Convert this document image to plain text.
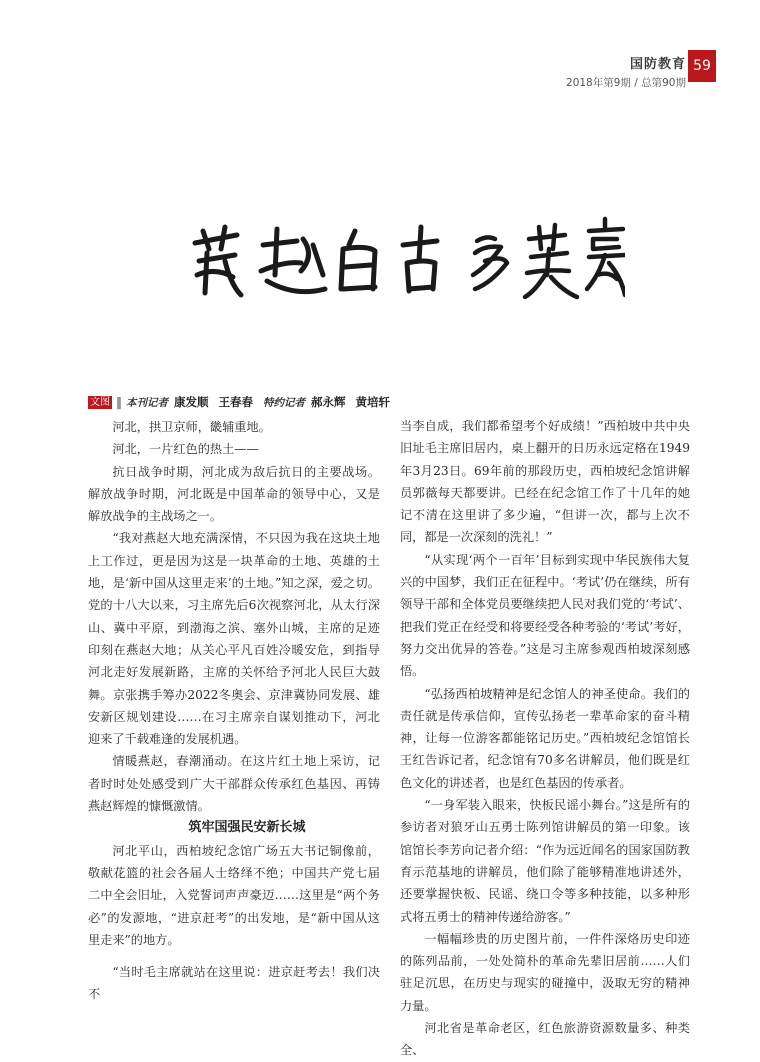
国防教育
2018年第9期 / 总第90期
59
文图 ‖ 本刊记者 康发顺 王春春 特约记者 郝永辉 黄培轩

河北，拱卫京师，畿辅重地。

河北，一片红色的热土——

抗日战争时期，河北成为敌后抗日的主要战场。解放战争时期，河北既是中国革命的领导中心，又是解放战争的主战场之一。

“我对燕赵大地充满深情，不只因为我在这块土地上工作过，更是因为这是一块革命的土地、英雄的土地，是‘新中国从这里走来’的土地。”知之深，爱之切。党的十八大以来，习主席先后6次视察河北，从太行深山、冀中平原，到渤海之滨、塞外山城，主席的足迹印刻在燕赵大地；从关心平凡百姓冷暖安危，到指导河北走好发展新路，主席的关怀给予河北人民巨大鼓舞。京张携手筹办2022冬奥会、京津冀协同发展、雄安新区规划建设……在习主席亲自谋划推动下，河北迎来了千载难逢的发展机遇。

情暖燕赵，春潮涌动。在这片红土地上采访，记者时时处处感受到广大干部群众传承红色基因、再铸燕赵辉煌的慷慨激情。

筑牢国强民安新长城

河北平山，西柏坡纪念馆广场五大书记铜像前，敬献花篮的社会各届人士络绎不绝；中国共产党七届二中全会旧址，入党誓词声声豪迈……这里是“两个务必”的发源地，“进京赶考”的出发地，是“新中国从这里走来”的地方。

“当时毛主席就站在这里说：进京赶考去！我们决不

当李自成，我们都希望考个好成绩！”西柏坡中共中央旧址毛主席旧居内，桌上翻开的日历永远定格在1949年3月23日。69年前的那段历史，西柏坡纪念馆讲解员郭薇每天都要讲。已经在纪念馆工作了十几年的她记不清在这里讲了多少遍，“但讲一次，都与上次不同，都是一次深刻的洗礼！”

“从实现‘两个一百年’目标到实现中华民族伟大复兴的中国梦，我们正在征程中。‘考试’仍在继续，所有领导干部和全体党员要继续把人民对我们党的‘考试’、把我们党正在经受和将要经受各种考验的‘考试’考好，努力交出优异的答卷。”这是习主席参观西柏坡深刻感悟。

“弘扬西柏坡精神是纪念馆人的神圣使命。我们的责任就是传承信仰，宣传弘扬老一辈革命家的奋斗精神，让每一位游客都能铭记历史。”西柏坡纪念馆馆长王红告诉记者，纪念馆有70多名讲解员，他们既是红色文化的讲述者，也是红色基因的传承者。

“一身军装入眼来，快板民谣小舞台。”这是所有的参访者对狼牙山五勇士陈列馆讲解员的第一印象。该馆馆长李芳向记者介绍：“作为远近闻名的国家国防教育示范基地的讲解员，他们除了能够精准地讲述外，还要掌握快板、民谣、绕口令等多种技能，以多种形式将五勇士的精神传递给游客。”

一幅幅珍贵的历史图片前，一件件深烙历史印迹的陈列品前，一处处简朴的革命先辈旧居前……人们驻足沉思，在历史与现实的碰撞中，汲取无穷的精神力量。

河北省是革命老区，红色旅游资源数量多、种类全、
